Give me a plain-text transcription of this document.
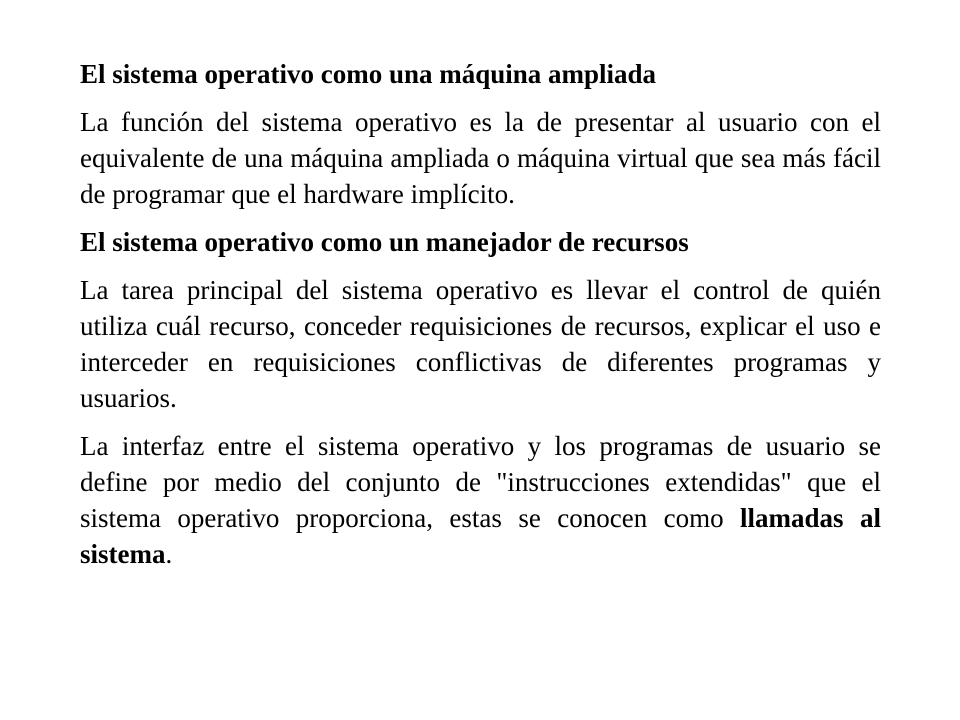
El sistema operativo como una máquina ampliada
La función del sistema operativo es la de presentar al usuario con el equivalente de una máquina ampliada o máquina virtual que sea más fácil de programar que el hardware implícito.
El sistema operativo como un manejador de recursos
La tarea principal del sistema operativo es llevar el control de quién utiliza cuál recurso, conceder requisiciones de recursos, explicar el uso e interceder en requisiciones conflictivas de diferentes programas y usuarios.
La interfaz entre el sistema operativo y los programas de usuario se define por medio del conjunto de "instrucciones extendidas" que el sistema operativo proporciona, estas se conocen como llamadas al sistema.
